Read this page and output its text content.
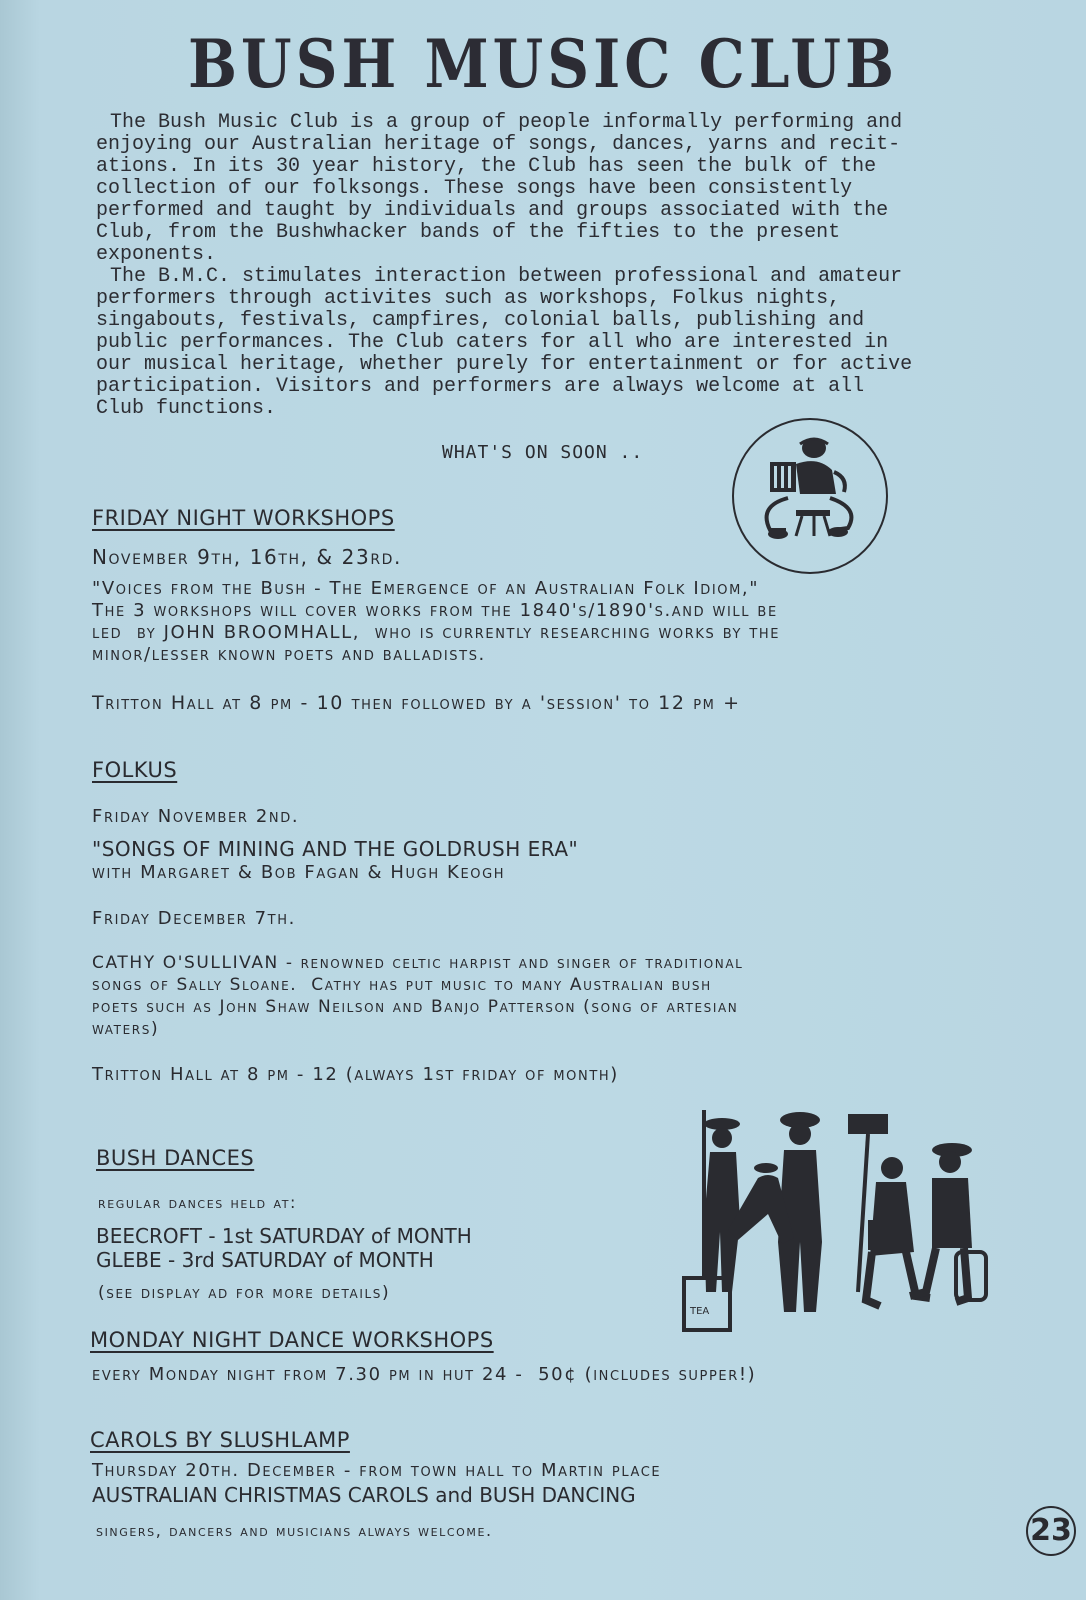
BUSH MUSIC CLUB

The Bush Music Club is a group of people informally performing and
enjoying our Australian heritage of songs, dances, yarns and recit-
ations. In its 30 year history, the Club has seen the bulk of the
collection of our folksongs. These songs have been consistently
performed and taught by individuals and groups associated with the
Club, from the Bushwhacker bands of the fifties to the present
exponents.

The B.M.C. stimulates interaction between professional and amateur
performers through activites such as workshops, Folkus nights,
singabouts, festivals, campfires, colonial balls, publishing and
public performances. The Club caters for all who are interested in
our musical heritage, whether purely for entertainment or for active
participation. Visitors and performers are always welcome at all
Club functions.

WHAT'S ON SOON ..
FRIDAY NIGHT WORKSHOPS
November 9th, 16th, & 23rd.
"Voices from the Bush - The Emergence of an Australian Folk Idiom,"
The 3 workshops will cover works from the 1840's/1890's.and will be
led  by JOHN BROOMHALL,  who is currently researching works by the
minor/lesser known poets and balladists.
Tritton Hall at 8 pm - 10 then followed by a 'session' to 12 pm +
FOLKUS
Friday November 2nd.
"SONGS OF MINING AND THE GOLDRUSH ERA"
with Margaret & Bob Fagan & Hugh Keogh
Friday December 7th.
CATHY O'SULLIVAN - renowned celtic harpist and singer of traditional
songs of Sally Sloane.  Cathy has put music to many Australian bush
poets such as John Shaw Neilson and Banjo Patterson (song of artesian
waters)
Tritton Hall at 8 pm - 12 (always 1st friday of month)
BUSH DANCES
regular dances held at:
BEECROFT - 1st SATURDAY of MONTH
GLEBE - 3rd SATURDAY of MONTH
(see display ad for more details)
TEA
MONDAY NIGHT DANCE WORKSHOPS
every Monday night from 7.30 pm in hut 24 -  50¢ (includes supper!)
CAROLS BY SLUSHLAMP
Thursday 20th. December - from town hall to Martin place
AUSTRALIAN CHRISTMAS CAROLS and BUSH DANCING
singers, dancers and musicians always welcome.	23
